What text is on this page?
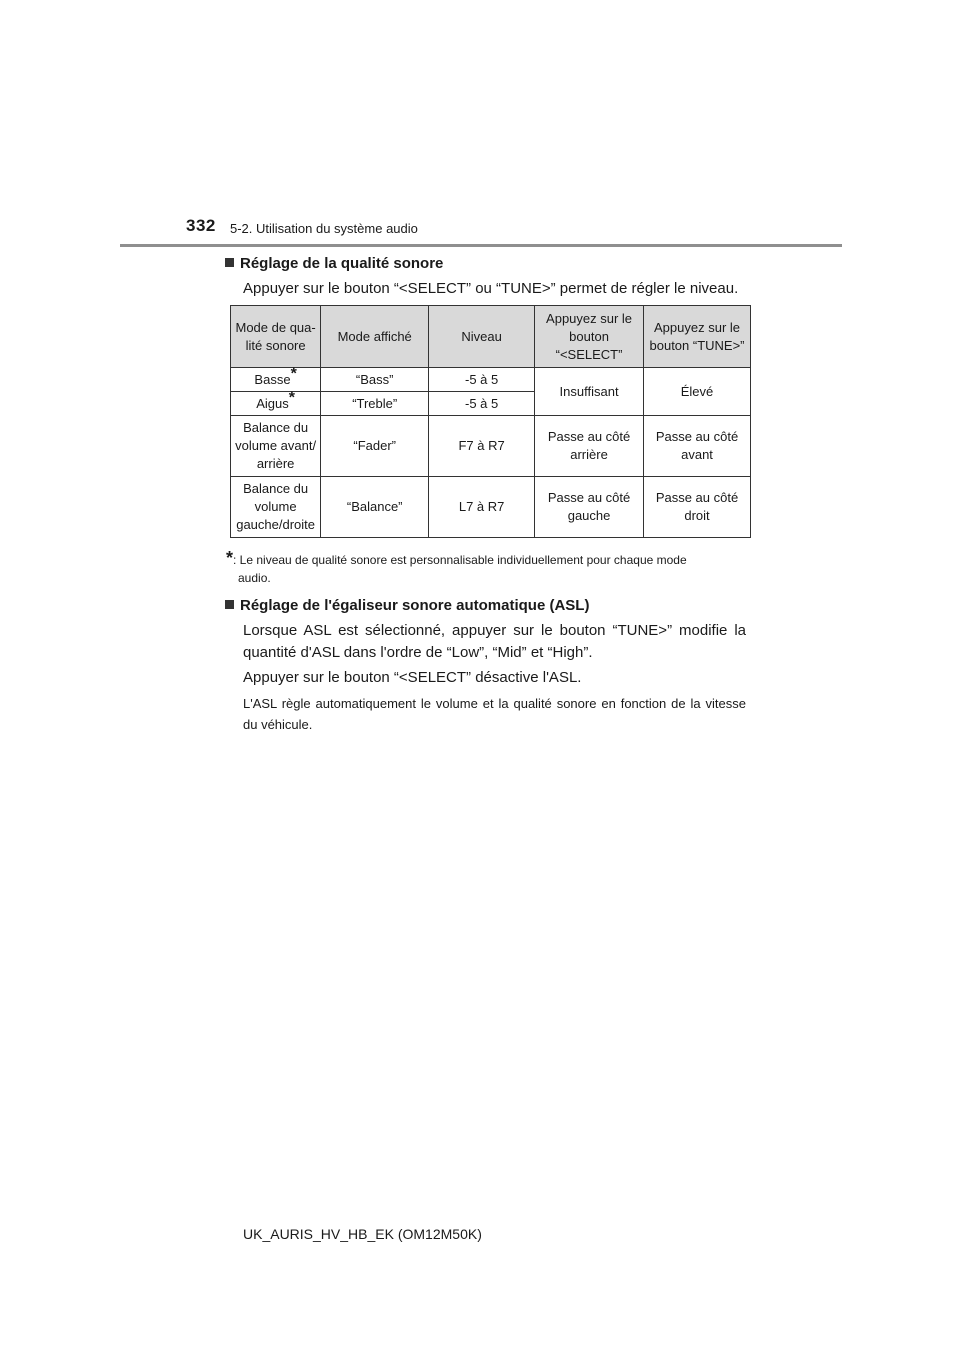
332 5-2. Utilisation du système audio
Réglage de la qualité sonore
Appuyer sur le bouton “<SELECT” ou “TUNE>” permet de régler le niveau.
Mode de qua-lité sonore	Mode affiché	Niveau	Appuyez sur le bouton “<SELECT”	Appuyez sur le bouton “TUNE>”
Basse*	“Bass”	-5 à 5	Insuffisant	Élevé
Aigus*	“Treble”	-5 à 5		
Balance du volume avant/ arrière	“Fader”	F7 à R7	Passe au côté arrière	Passe au côté avant
Balance du volume gauche/droite	“Balance”	L7 à R7	Passe au côté gauche	Passe au côté droit
*: Le niveau de qualité sonore est personnalisable individuellement pour chaque mode
audio.
Réglage de l'égaliseur sonore automatique (ASL)
Lorsque ASL est sélectionné, appuyer sur le bouton “TUNE>” modifie la quantité d'ASL dans l'ordre de “Low”, “Mid” et “High”.
Appuyer sur le bouton “<SELECT” désactive l'ASL.
L'ASL règle automatiquement le volume et la qualité sonore en fonction de la vitesse du véhicule.
UK_AURIS_HV_HB_EK (OM12M50K)
